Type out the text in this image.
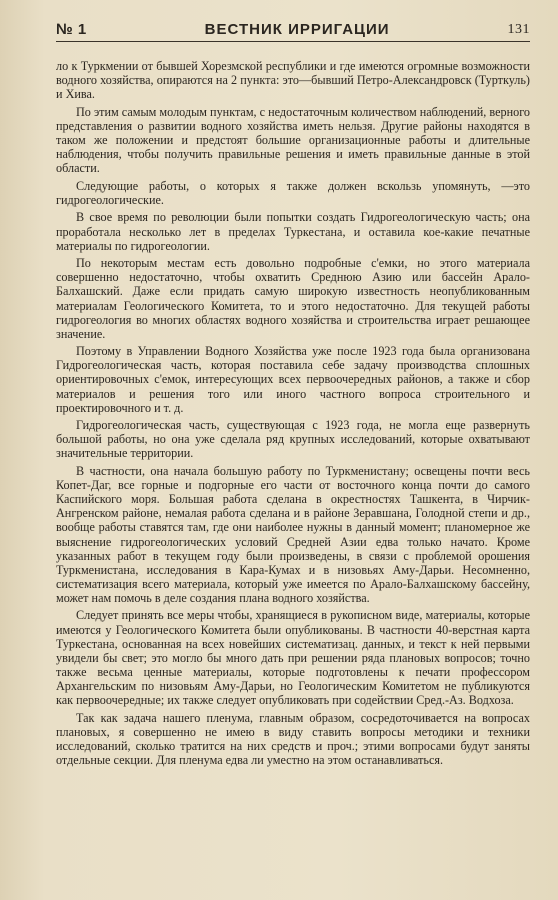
№ 1	ВЕСТНИК ИРРИГАЦИИ	131

ло к Туркмении от бывшей Хорезмской республики и где имеются огромные возможности водного хозяйства, опираются на 2 пункта: это—бывший Петро-Александровск (Турткуль) и Хива.

По этим самым молодым пунктам, с недостаточным количеством наблюдений, верного представления о развитии водного хозяйства иметь нельзя. Другие районы находятся в таком же положении и предстоят большие организационные работы и длительные наблюдения, чтобы получить правильные решения и иметь правильные данные в этой области.

Следующие работы, о которых я также должен вскользь упомянуть, —это гидрогеологические.

В свое время по революции были попытки создать Гидрогеологическую часть; она проработала несколько лет в пределах Туркестана, и оставила кое-какие печатные материалы по гидрогеологии.

По некоторым местам есть довольно подробные с'емки, но этого материала совершенно недостаточно, чтобы охватить Среднюю Азию или бассейн Арало-Балхашский. Даже если придать самую широкую известность неопубликованным материалам Геологического Комитета, то и этого недостаточно. Для текущей работы гидрогеология во многих областях водного хозяйства и строительства играет решающее значение.

Поэтому в Управлении Водного Хозяйства уже после 1923 года была организована Гидрогеологическая часть, которая поставила себе задачу производства сплошных ориентировочных с'емок, интересующих всех первоочередных районов, а также и сбор материалов и решения того или иного частного вопроса строительного и проектировочного и т. д.

Гидрогеологическая часть, существующая с 1923 года, не могла еще развернуть большой работы, но она уже сделала ряд крупных исследований, которые охватывают значительные территории.

В частности, она начала большую работу по Туркменистану; освещены почти весь Копет-Даг, все горные и подгорные его части от восточного конца почти до самого Каспийского моря. Большая работа сделана в окрестностях Ташкента, в Чирчик-Ангренском районе, немалая работа сделана и в районе Зеравшана, Голодной степи и др., вообще работы ставятся там, где они наиболее нужны в данный момент; планомерное же выяснение гидрогеологических условий Средней Азии едва только начато. Кроме указанных работ в текущем году были произведены, в связи с проблемой орошения Туркменистана, исследования в Кара-Кумах и в низовьях Аму-Дарьи. Несомненно, систематизация всего материала, который уже имеется по Арало-Балхашскому бассейну, может нам помочь в деле создания плана водного хозяйства.

Следует принять все меры чтобы, хранящиеся в рукописном виде, материалы, которые имеются у Геологического Комитета были опубликованы. В частности 40-верстная карта Туркестана, основанная на всех новейших систематизац. данных, и текст к ней первыми увидели бы свет; это могло бы много дать при решении ряда плановых вопросов; точно также весьма ценные материалы, которые подготовлены к печати профессором Архангельским по низовьям Аму-Дарьи, но Геологическим Комитетом не публикуются как первоочередные; их также следует опубликовать при содействии Сред.-Аз. Водхоза.

Так как задача нашего пленума, главным образом, сосредоточивается на вопросах плановых, я совершенно не имею в виду ставить вопросы методики и техники исследований, сколько тратится на них средств и проч.; этими вопросами будут заняты отдельные секции. Для пленума едва ли уместно на этом останавливаться.
